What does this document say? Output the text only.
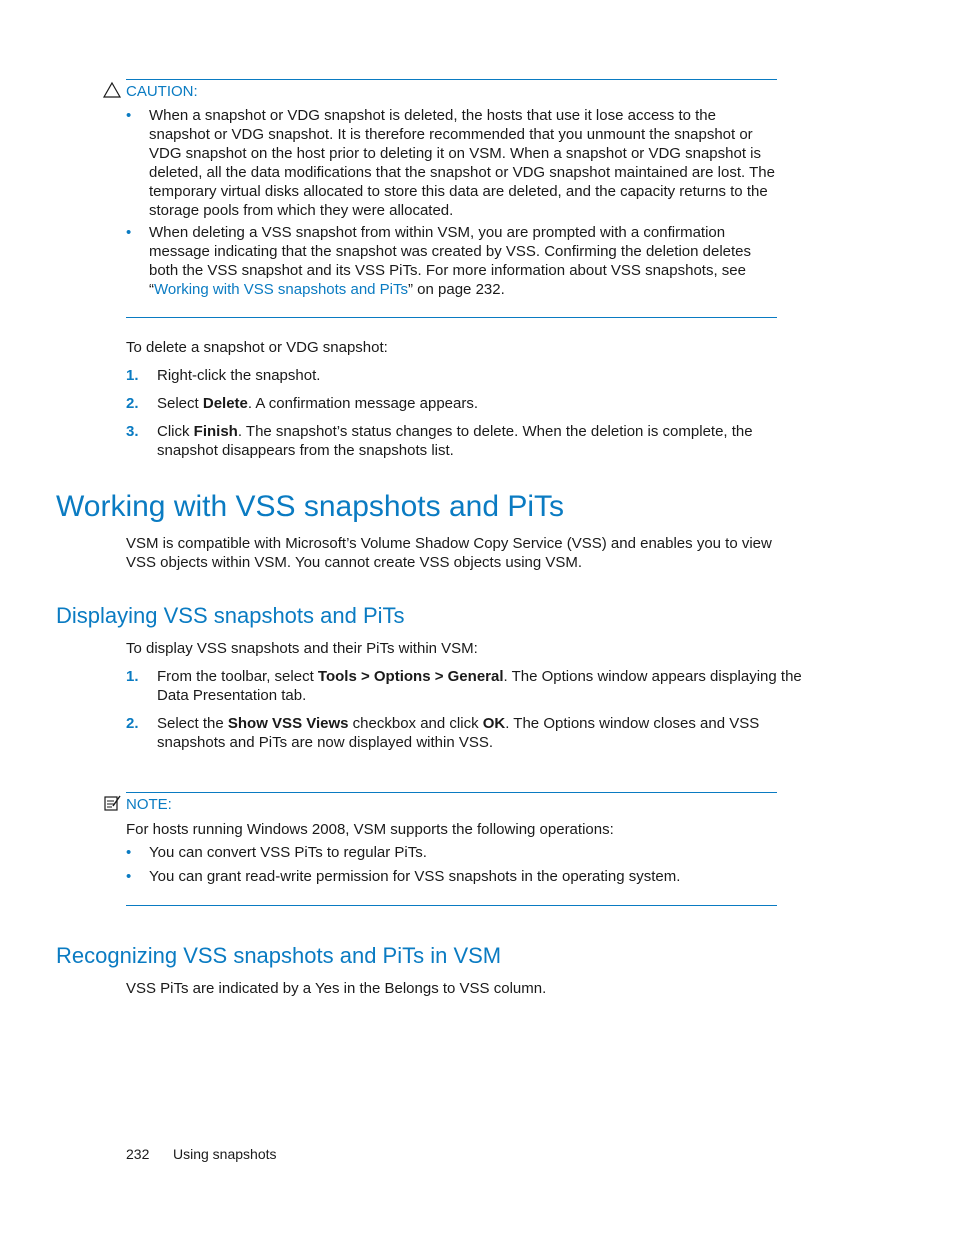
CAUTION:
• When a snapshot or VDG snapshot is deleted, the hosts that use it lose access to the snapshot or VDG snapshot. It is therefore recommended that you unmount the snapshot or VDG snapshot on the host prior to deleting it on VSM. When a snapshot or VDG snapshot is deleted, all the data modifications that the snapshot or VDG snapshot maintained are lost. The temporary virtual disks allocated to store this data are deleted, and the capacity returns to the storage pools from which they were allocated.
• When deleting a VSS snapshot from within VSM, you are prompted with a confirmation message indicating that the snapshot was created by VSS. Confirming the deletion deletes both the VSS snapshot and its VSS PiTs. For more information about VSS snapshots, see “Working with VSS snapshots and PiTs” on page 232.
To delete a snapshot or VDG snapshot:
1. Right-click the snapshot.
2. Select Delete. A confirmation message appears.
3. Click Finish. The snapshot’s status changes to delete. When the deletion is complete, the snapshot disappears from the snapshots list.
Working with VSS snapshots and PiTs
VSM is compatible with Microsoft’s Volume Shadow Copy Service (VSS) and enables you to view VSS objects within VSM. You cannot create VSS objects using VSM.
Displaying VSS snapshots and PiTs
To display VSS snapshots and their PiTs within VSM:
1. From the toolbar, select Tools > Options > General. The Options window appears displaying the Data Presentation tab.
2. Select the Show VSS Views checkbox and click OK. The Options window closes and VSS snapshots and PiTs are now displayed within VSS.
NOTE:
For hosts running Windows 2008, VSM supports the following operations:
• You can convert VSS PiTs to regular PiTs.
• You can grant read-write permission for VSS snapshots in the operating system.
Recognizing VSS snapshots and PiTs in VSM
VSS PiTs are indicated by a Yes in the Belongs to VSS column.
232 Using snapshots
